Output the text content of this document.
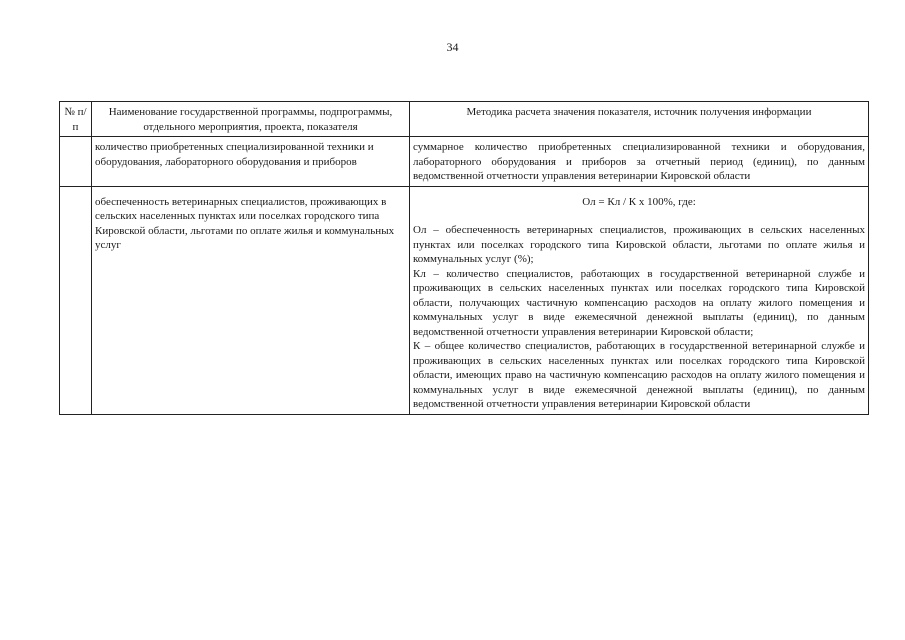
34
№ п/п	Наименование государственной программы, подпрограммы, отдельного мероприятия, проекта, показателя	Методика расчета значения показателя, источник получения информации
	количество приобретенных специализированной техники и оборудования, лабораторного оборудования и приборов	суммарное количество приобретенных специализированной техники и оборудования, лабораторного оборудования и приборов за отчетный период (единиц), по данным ведомственной отчетности управления ветеринарии Кировской области
	обеспеченность ветеринарных специалистов, проживающих в сельских населенных пунктах или поселках городского типа Кировской области, льготами по оплате жилья и коммунальных услуг	Ол = Кл / К x 100%, где:
Ол – обеспеченность ветеринарных специалистов, проживающих в сельских населенных пунктах или поселках городского типа Кировской области, льготами по оплате жилья и коммунальных услуг (%);
Кл – количество специалистов, работающих в государственной ветеринарной службе и проживающих в сельских населенных пунктах или поселках городского типа Кировской области, получающих частичную компенсацию расходов на оплату жилого помещения и коммунальных услуг в виде ежемесячной денежной выплаты (единиц), по данным ведомственной отчетности управления ветеринарии Кировской области;
К – общее количество специалистов, работающих в государственной ветеринарной службе и проживающих в сельских населенных пунктах или поселках городского типа Кировской области, имеющих право на частичную компенсацию расходов на оплату жилого помещения и коммунальных услуг в виде ежемесячной денежной выплаты (единиц), по данным ведомственной отчетности управления ветеринарии Кировской области
